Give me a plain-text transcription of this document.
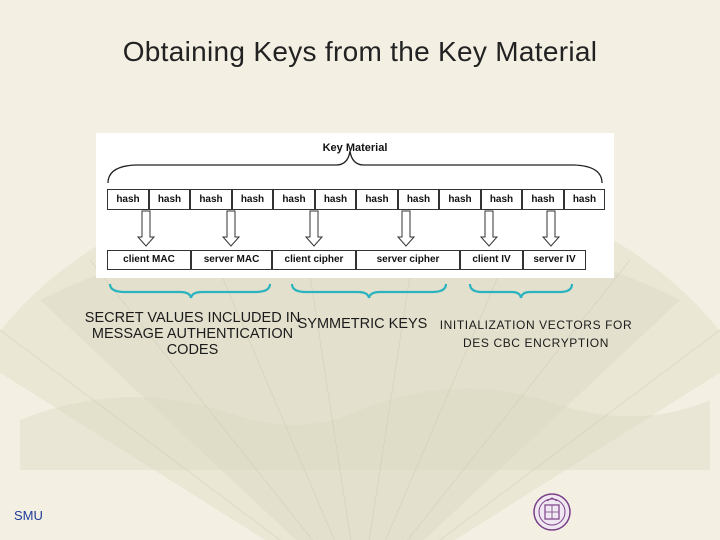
Obtaining Keys from the Key Material
Key Material
hash	hash	hash	hash	hash	hash	hash	hash	hash	hash	hash	hash
client MAC	server MAC	client cipher	server cipher	client IV	server IV
SECRET VALUES INCLUDED IN MESSAGE AUTHENTICATION CODES
SYMMETRIC KEYS	INITIALIZATION VECTORS FOR DES CBC ENCRYPTION
SMU
